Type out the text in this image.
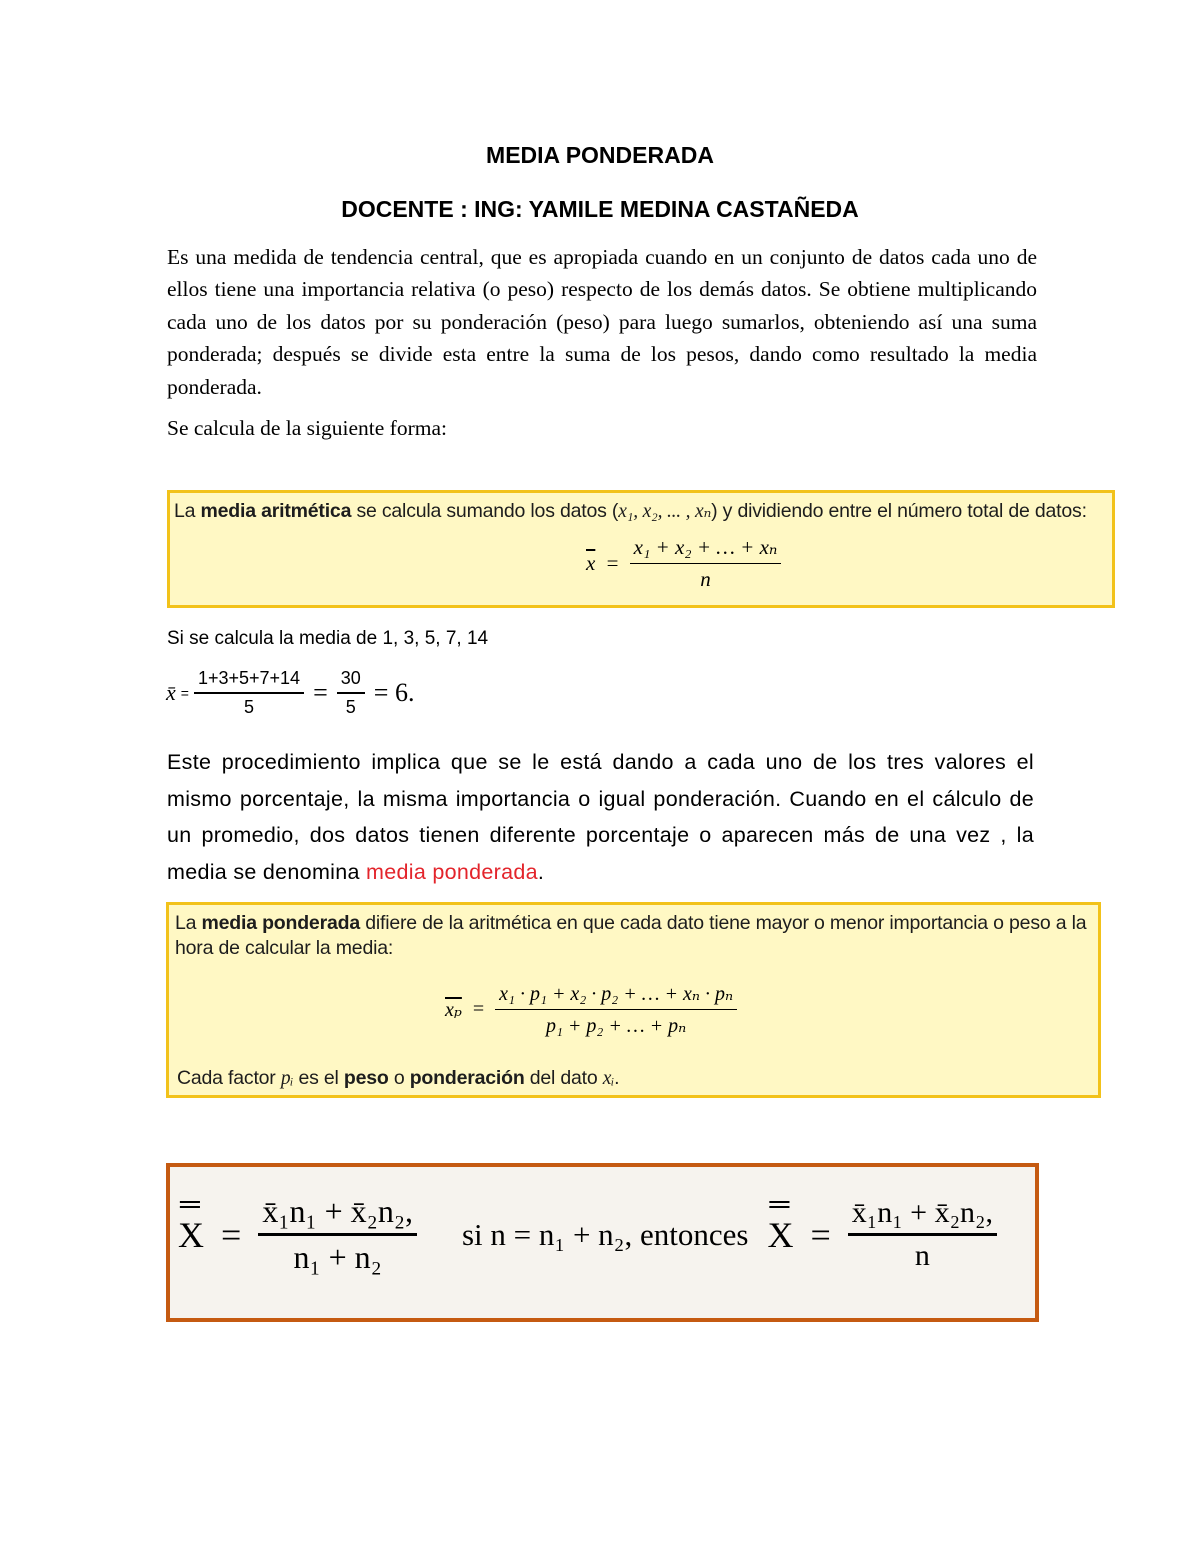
MEDIA PONDERADA
DOCENTE : ING: YAMILE MEDINA CASTAÑEDA
Es una medida de tendencia central, que es apropiada cuando en un conjunto de datos cada uno de ellos tiene una importancia relativa (o peso) respecto de los demás datos. Se obtiene multiplicando cada uno de los datos por su ponderación (peso) para luego sumarlos, obteniendo así una suma ponderada; después se divide esta entre la suma de los pesos, dando como resultado la media ponderada.
Se calcula de la siguiente forma:
La media aritmética se calcula sumando los datos (x₁, x₂, ... , xₙ) y dividiendo entre el número total de datos:
$\overline{x} = \frac{\text{x₁ + x₂ + … + xₙ}}{n}$
Si se calcula la media de 1, 3, 5, 7, 14
x̄ = $\frac{1+3+5+7+14}{5} = \frac{30}{5} = 6$.
Este procedimiento implica que se le está dando a cada uno de los tres valores el mismo porcentaje, la misma importancia o igual ponderación. Cuando en el cálculo de un promedio, dos datos tienen diferente porcentaje o aparecen más de una vez , la media se denomina media ponderada.
La media ponderada difiere de la aritmética en que cada dato tiene mayor o menor importancia o peso a la hora de calcular la media:
$\overline{x_p} = \frac{\text{x₁ · p₁ + x₂ · p₂ + … + xₙ · pₙ}}{\text{p₁ + p₂ + … + pₙ}}$
Cada factor pᵢ es el peso o ponderación del dato xᵢ.
═
$X = \frac{\text{x̄₁n₁ + x̄₂n₂,}}{\text{n₁ + n₂}}$ si n = n₁ + n₂, entonces
═
$X = \frac{\text{x̄₁n₁ + x̄₂n₂,}}{n}$
